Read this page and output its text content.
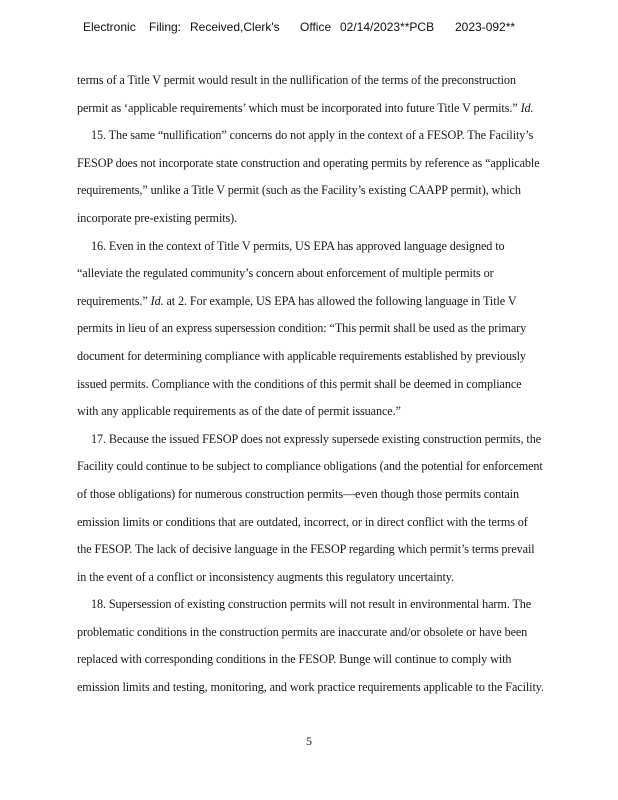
Electronic Filing: Received,Clerk's Office 02/14/2023**PCB 2023-092**
terms of a Title V permit would result in the nullification of the terms of the preconstruction
permit as ‘applicable requirements’ which must be incorporated into future Title V permits.” Id.
15. The same “nullification” concerns do not apply in the context of a FESOP. The Facility’s
FESOP does not incorporate state construction and operating permits by reference as “applicable
requirements,” unlike a Title V permit (such as the Facility’s existing CAAPP permit), which
incorporate pre-existing permits).
16. Even in the context of Title V permits, US EPA has approved language designed to
“alleviate the regulated community’s concern about enforcement of multiple permits or
requirements.” Id. at 2. For example, US EPA has allowed the following language in Title V
permits in lieu of an express supersession condition: “This permit shall be used as the primary
document for determining compliance with applicable requirements established by previously
issued permits. Compliance with the conditions of this permit shall be deemed in compliance
with any applicable requirements as of the date of permit issuance.”
17. Because the issued FESOP does not expressly supersede existing construction permits, the
Facility could continue to be subject to compliance obligations (and the potential for enforcement
of those obligations) for numerous construction permits—even though those permits contain
emission limits or conditions that are outdated, incorrect, or in direct conflict with the terms of
the FESOP. The lack of decisive language in the FESOP regarding which permit’s terms prevail
in the event of a conflict or inconsistency augments this regulatory uncertainty.
18. Supersession of existing construction permits will not result in environmental harm. The
problematic conditions in the construction permits are inaccurate and/or obsolete or have been
replaced with corresponding conditions in the FESOP. Bunge will continue to comply with
emission limits and testing, monitoring, and work practice requirements applicable to the Facility.
5
